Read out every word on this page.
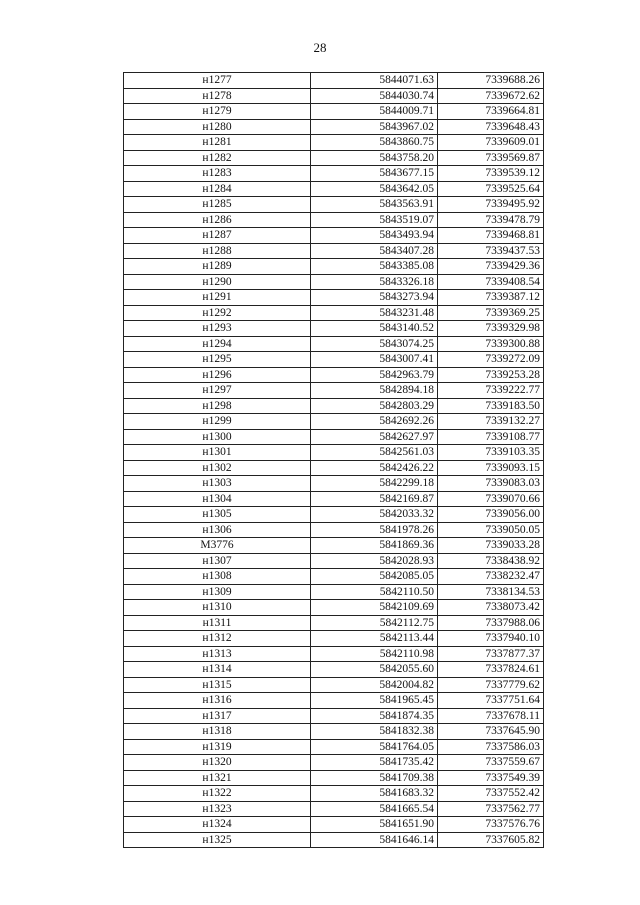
28
н1277	5844071.63	7339688.26
н1278	5844030.74	7339672.62
н1279	5844009.71	7339664.81
н1280	5843967.02	7339648.43
н1281	5843860.75	7339609.01
н1282	5843758.20	7339569.87
н1283	5843677.15	7339539.12
н1284	5843642.05	7339525.64
н1285	5843563.91	7339495.92
н1286	5843519.07	7339478.79
н1287	5843493.94	7339468.81
н1288	5843407.28	7339437.53
н1289	5843385.08	7339429.36
н1290	5843326.18	7339408.54
н1291	5843273.94	7339387.12
н1292	5843231.48	7339369.25
н1293	5843140.52	7339329.98
н1294	5843074.25	7339300.88
н1295	5843007.41	7339272.09
н1296	5842963.79	7339253.28
н1297	5842894.18	7339222.77
н1298	5842803.29	7339183.50
н1299	5842692.26	7339132.27
н1300	5842627.97	7339108.77
н1301	5842561.03	7339103.35
н1302	5842426.22	7339093.15
н1303	5842299.18	7339083.03
н1304	5842169.87	7339070.66
н1305	5842033.32	7339056.00
н1306	5841978.26	7339050.05
М3776	5841869.36	7339033.28
н1307	5842028.93	7338438.92
н1308	5842085.05	7338232.47
н1309	5842110.50	7338134.53
н1310	5842109.69	7338073.42
н1311	5842112.75	7337988.06
н1312	5842113.44	7337940.10
н1313	5842110.98	7337877.37
н1314	5842055.60	7337824.61
н1315	5842004.82	7337779.62
н1316	5841965.45	7337751.64
н1317	5841874.35	7337678.11
н1318	5841832.38	7337645.90
н1319	5841764.05	7337586.03
н1320	5841735.42	7337559.67
н1321	5841709.38	7337549.39
н1322	5841683.32	7337552.42
н1323	5841665.54	7337562.77
н1324	5841651.90	7337576.76
н1325	5841646.14	7337605.82
